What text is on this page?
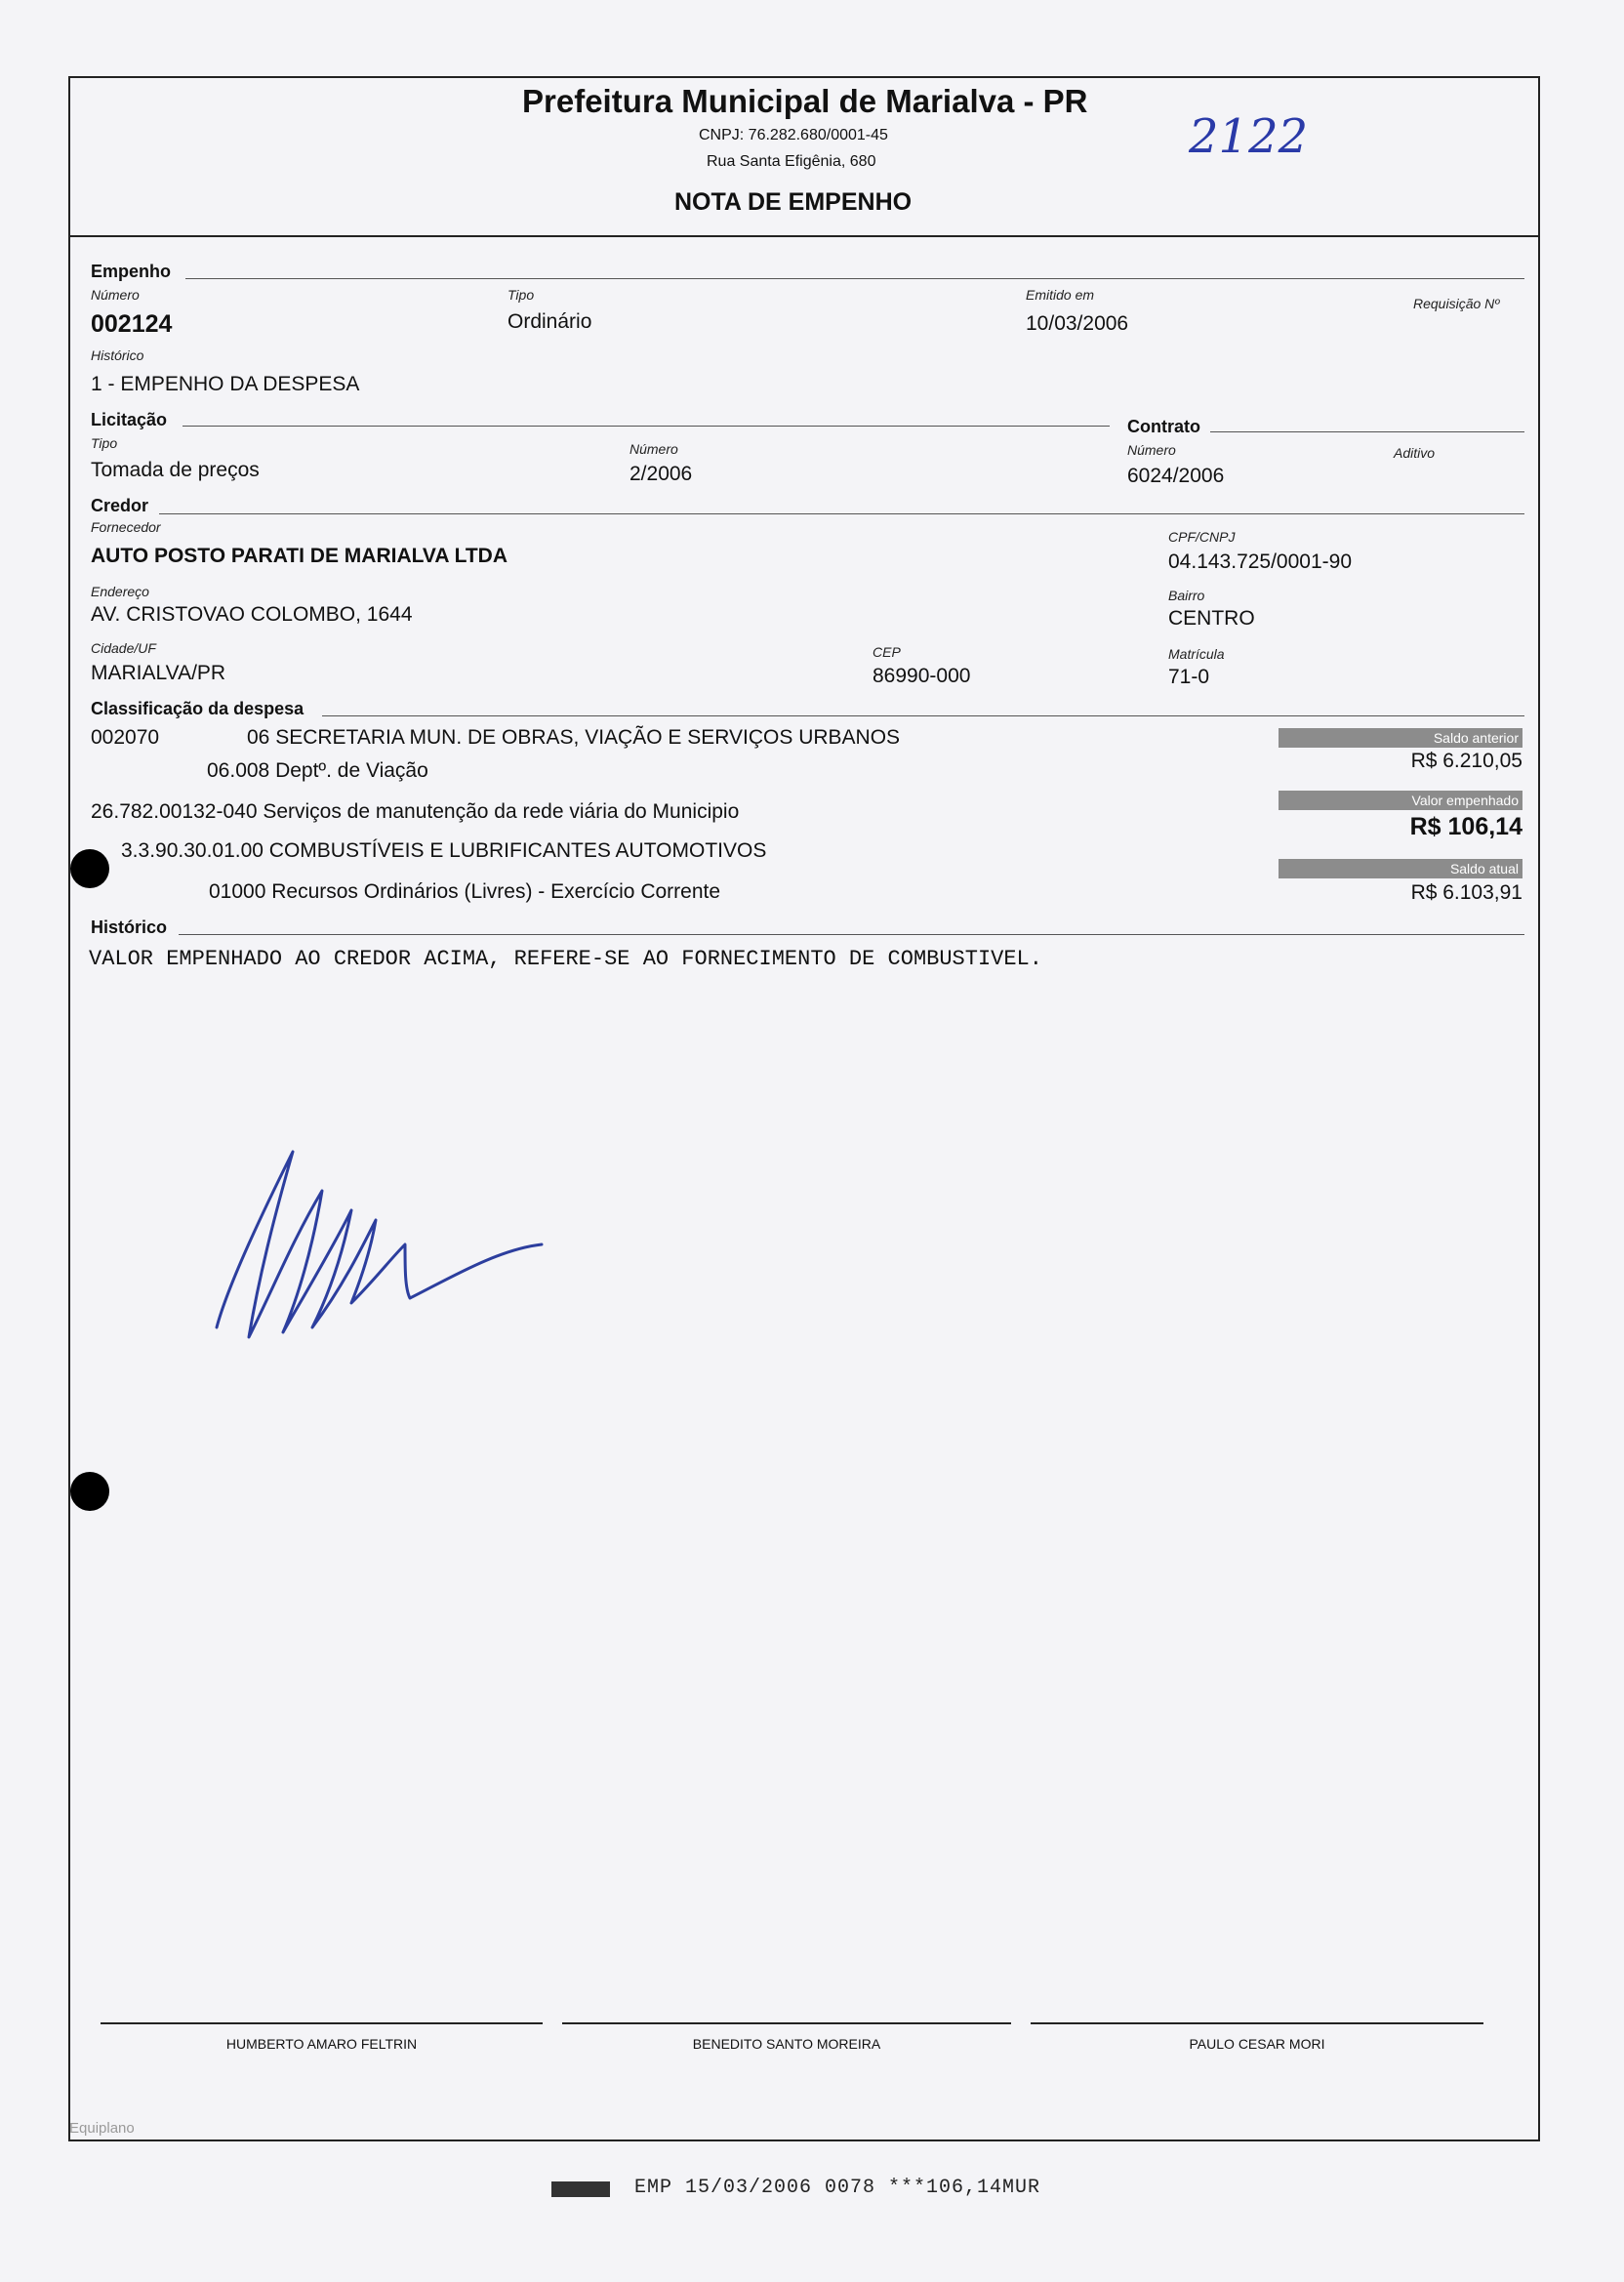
Prefeitura Municipal de Marialva - PR
CNPJ: 76.282.680/0001-45
Rua Santa Efigênia, 680
NOTA DE EMPENHO
2122
Empenho
Número
002124
Tipo
Ordinário
Emitido em
10/03/2006
Requisição Nº
Histórico
1 - EMPENHO DA DESPESA
Licitação	Contrato
Tipo
Tomada de preços
Número
2/2006
Número
6024/2006
Aditivo
Credor
Fornecedor
AUTO POSTO PARATI DE MARIALVA LTDA
CPF/CNPJ
04.143.725/0001-90
Endereço
AV. CRISTOVAO COLOMBO, 1644
Bairro
CENTRO
Cidade/UF
MARIALVA/PR
CEP
86990-000
Matrícula
71-0
Classificação da despesa
002070	06 SECRETARIA MUN. DE OBRAS, VIAÇÃO E SERVIÇOS URBANOS
06.008 Deptº. de Viação
26.782.00132-040 Serviços de manutenção da rede viária do Municipio
3.3.90.30.01.00 COMBUSTÍVEIS E LUBRIFICANTES AUTOMOTIVOS
01000 Recursos Ordinários (Livres) - Exercício Corrente
Saldo anterior
R$ 6.210,05
Valor empenhado
R$ 106,14
Saldo atual
R$ 6.103,91
Histórico
VALOR EMPENHADO AO CREDOR ACIMA, REFERE-SE AO FORNECIMENTO DE COMBUSTIVEL.
HUMBERTO AMARO FELTRIN	BENEDITO SANTO MOREIRA	PAULO CESAR MORI
Equiplano
EMP 15/03/2006 0078 ***106,14MUR
